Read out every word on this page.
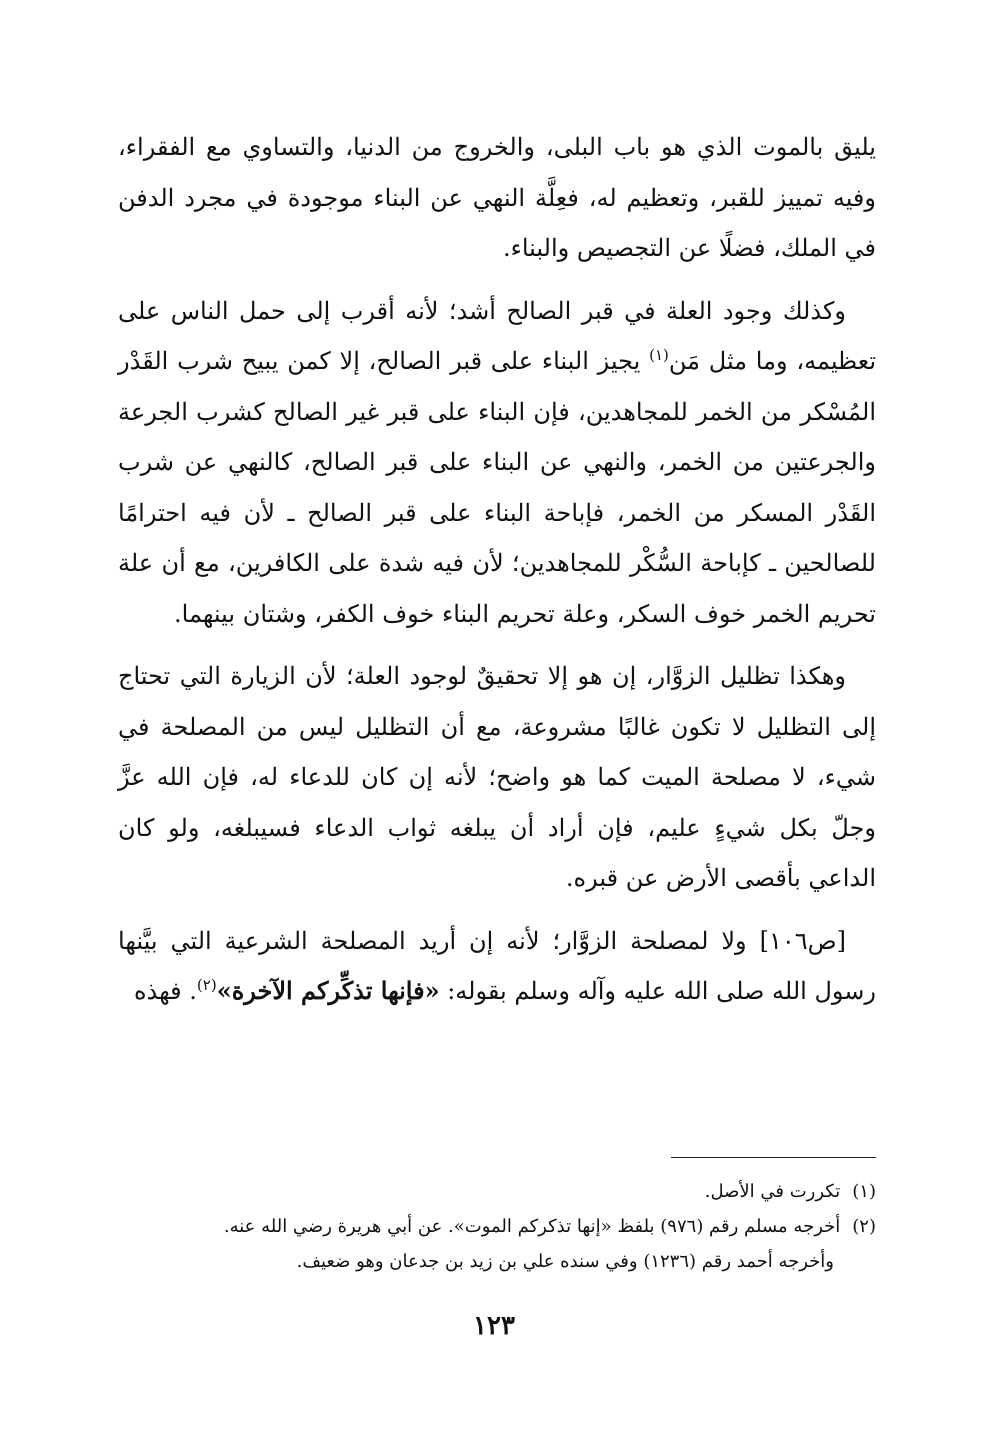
يليق بالموت الذي هو باب البلى، والخروج من الدنيا، والتساوي مع الفقراء، وفيه تمييز للقبر، وتعظيم له، فعِلَّة النهي عن البناء موجودة في مجرد الدفن في الملك، فضلًا عن التجصيص والبناء.

وكذلك وجود العلة في قبر الصالح أشد؛ لأنه أقرب إلى حمل الناس على تعظيمه، وما مثل مَن$^{(١)}$ يجيز البناء على قبر الصالح، إلا كمن يبيح شرب القَدْر المُسْكر من الخمر للمجاهدين، فإن البناء على قبر غير الصالح كشرب الجرعة والجرعتين من الخمر، والنهي عن البناء على قبر الصالح، كالنهي عن شرب القَدْر المسكر من الخمر، فإباحة البناء على قبر الصالح ـ لأن فيه احترامًا للصالحين ـ كإباحة السُّكْر للمجاهدين؛ لأن فيه شدة على الكافرين، مع أن علة تحريم الخمر خوف السكر، وعلة تحريم البناء خوف الكفر، وشتان بينهما.

وهكذا تظليل الزوَّار، إن هو إلا تحقيقٌ لوجود العلة؛ لأن الزيارة التي تحتاج إلى التظليل لا تكون غالبًا مشروعة، مع أن التظليل ليس من المصلحة في شيء، لا مصلحة الميت كما هو واضح؛ لأنه إن كان للدعاء له، فإن الله عزَّ وجلّ بكل شيءٍ عليم، فإن أراد أن يبلغه ثواب الدعاء فسيبلغه، ولو كان الداعي بأقصى الأرض عن قبره.

[ص١٠٦] ولا لمصلحة الزوَّار؛ لأنه إن أريد المصلحة الشرعية التي بيَّنها رسول الله صلى الله عليه وآله وسلم بقوله: «فإنها تذكِّركم الآخرة»$^{(٢)}$. فهذه

(١)تكررت في الأصل.

(٢)أخرجه مسلم رقم (٩٧٦) بلفظ «إنها تذكركم الموت». عن أبي هريرة رضي الله عنه.

وأخرجه أحمد رقم (١٢٣٦) وفي سنده علي بن زيد بن جدعان وهو ضعيف.

١٢٣
